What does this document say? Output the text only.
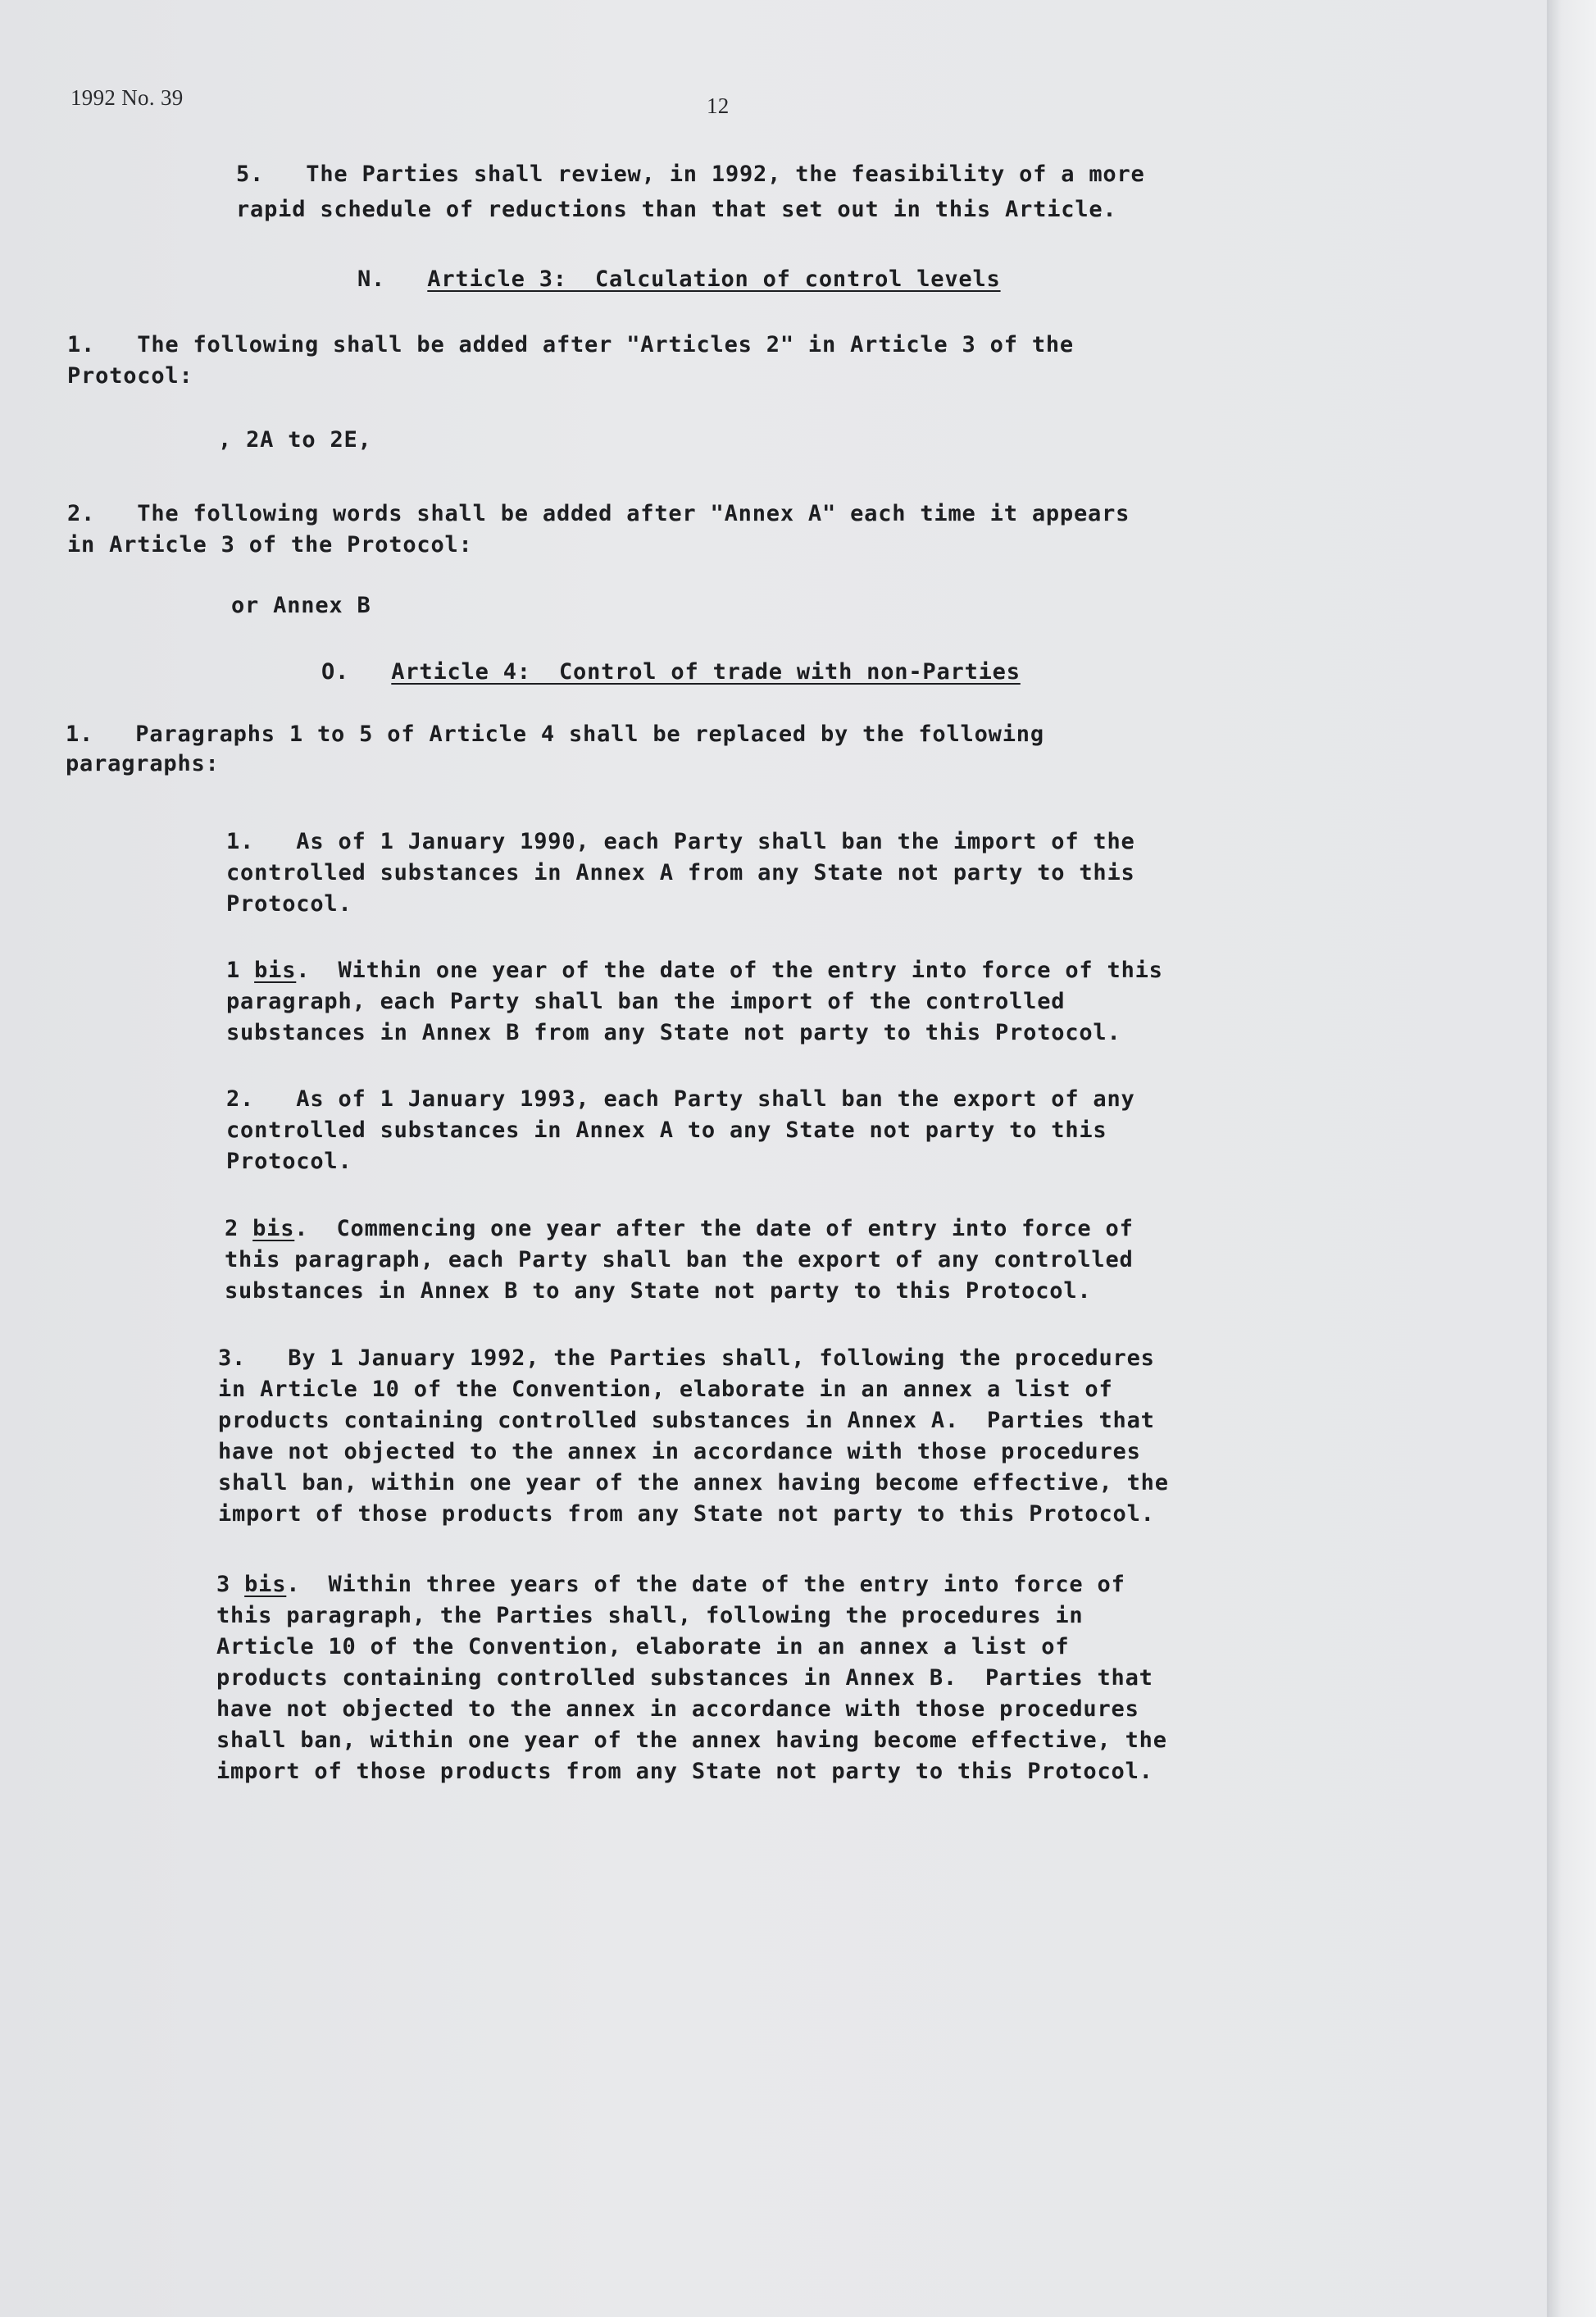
1992 No. 39	12
5.   The Parties shall review, in 1992, the feasibility of a more
rapid schedule of reductions than that set out in this Article.
N. Article 3:  Calculation of control levels
1.   The following shall be added after "Articles 2" in Article 3 of the
Protocol:
, 2A to 2E,
2.   The following words shall be added after "Annex A" each time it appears
in Article 3 of the Protocol:
or Annex B
O. Article 4:  Control of trade with non-Parties
1.   Paragraphs 1 to 5 of Article 4 shall be replaced by the following
paragraphs:
1.   As of 1 January 1990, each Party shall ban the import of the
controlled substances in Annex A from any State not party to this
Protocol.
1 bis.  Within one year of the date of the entry into force of this
paragraph, each Party shall ban the import of the controlled
substances in Annex B from any State not party to this Protocol.
2.   As of 1 January 1993, each Party shall ban the export of any
controlled substances in Annex A to any State not party to this
Protocol.
2 bis.  Commencing one year after the date of entry into force of
this paragraph, each Party shall ban the export of any controlled
substances in Annex B to any State not party to this Protocol.
3.   By 1 January 1992, the Parties shall, following the procedures
in Article 10 of the Convention, elaborate in an annex a list of
products containing controlled substances in Annex A.  Parties that
have not objected to the annex in accordance with those procedures
shall ban, within one year of the annex having become effective, the
import of those products from any State not party to this Protocol.
3 bis.  Within three years of the date of the entry into force of
this paragraph, the Parties shall, following the procedures in
Article 10 of the Convention, elaborate in an annex a list of
products containing controlled substances in Annex B.  Parties that
have not objected to the annex in accordance with those procedures
shall ban, within one year of the annex having become effective, the
import of those products from any State not party to this Protocol.
